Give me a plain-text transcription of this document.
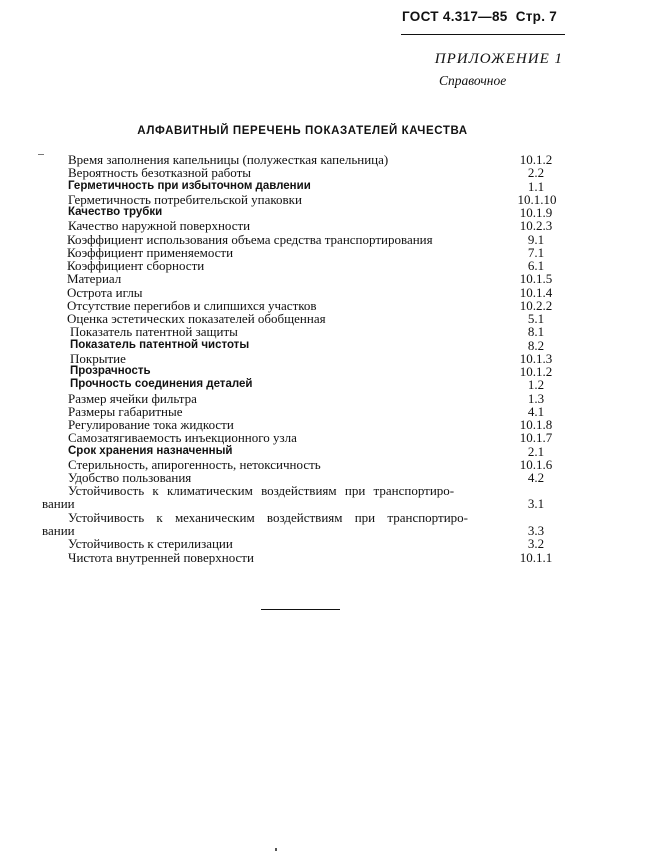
ГОСТ 4.317—85 Стр. 7
ПРИЛОЖЕНИЕ 1
Справочное
АЛФАВИТНЫЙ ПЕРЕЧЕНЬ ПОКАЗАТЕЛЕЙ КАЧЕСТВА
Время заполнения капельницы (полужесткая капельница)	10.1.2
Вероятность безотказной работы	2.2
Герметичность при избыточном давлении	1.1
Герметичность потребительской упаковки	10.1.10
Качество трубки	10.1.9
Качество наружной поверхности	10.2.3
Коэффициент использования объема средства транспортирования	9.1
Коэффициент применяемости	7.1
Коэффициент сборности	6.1
Материал	10.1.5
Острота иглы	10.1.4
Отсутствие перегибов и слипшихся участков	10.2.2
Оценка эстетических показателей обобщенная	5.1
Показатель патентной защиты	8.1
Показатель патентной чистоты	8.2
Покрытие	10.1.3
Прозрачность	10.1.2
Прочность соединения деталей	1.2
Размер ячейки фильтра	1.3
Размеры габаритные	4.1
Регулирование тока жидкости	10.1.8
Самозатягиваемость инъекционного узла	10.1.7
Срок хранения назначенный	2.1
Стерильность, апирогенность, нетоксичность	10.1.6
Удобство пользования	4.2
Устойчивость к климатическим воздействиям при транспортиро-
вании	3.1
Устойчивость к механическим воздействиям при транспортиро-
вании	3.3
Устойчивость к стерилизации	3.2
Чистота внутренней поверхности	10.1.1
